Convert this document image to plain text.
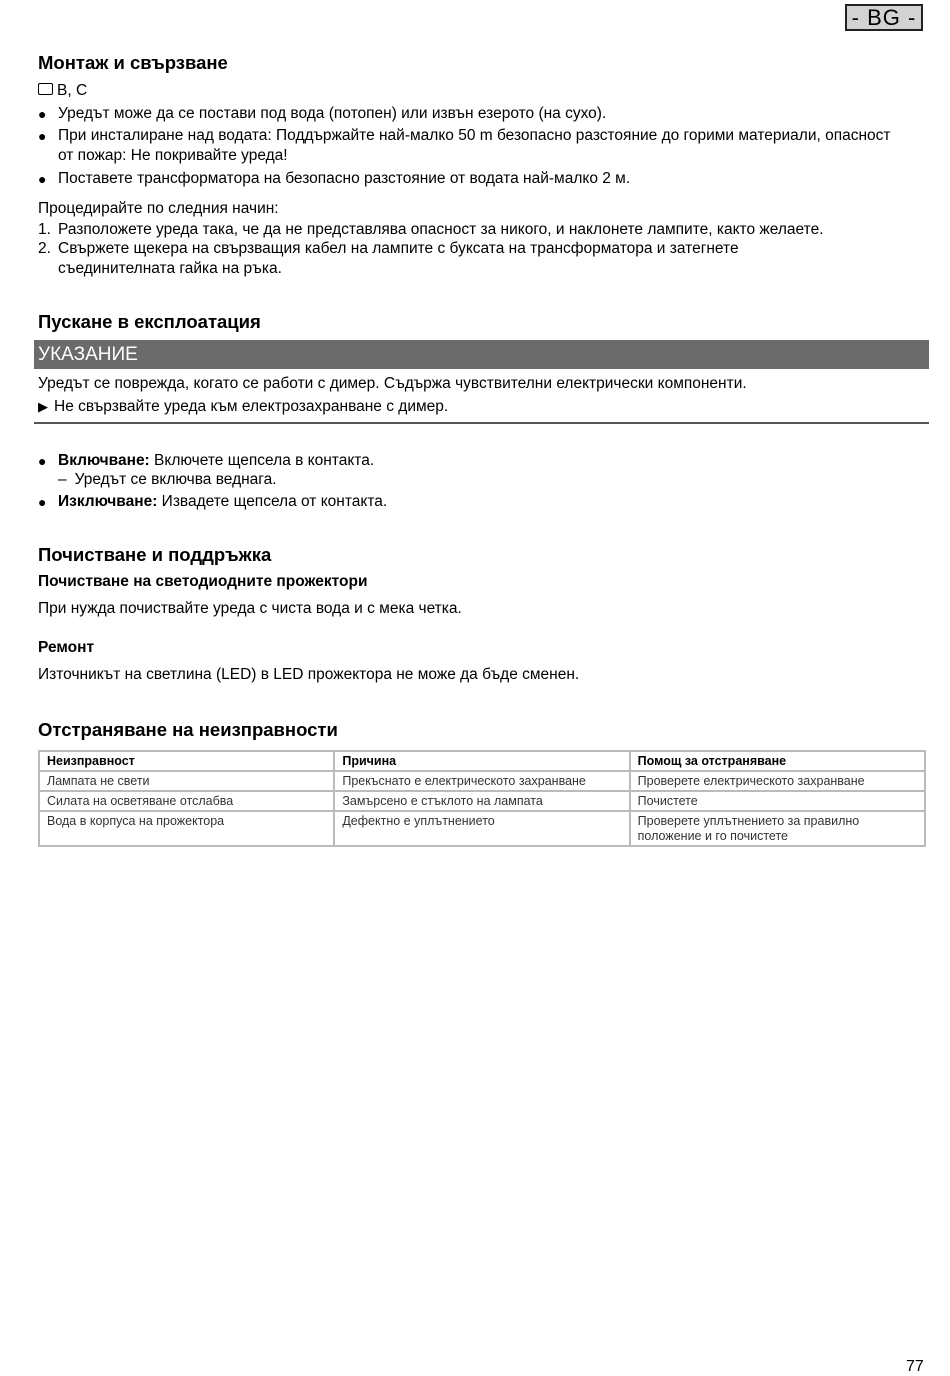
- BG -
Монтаж и свързване
B, C
● Уредът може да се постави под вода (потопен) или извън езерото (на сухо).
● При инсталиране над водата: Поддържайте най-малко 50 m безопасно разстояние до горими материали, опасност от пожар: Не покривайте уреда!
● Поставете трансформатора на безопасно разстояние от водата най-малко 2 м.
Процедирайте по следния начин:
1. Разположете уреда така, че да не представлява опасност за никого, и наклонете лампите, както желаете.
2. Свържете щекера на свързващия кабел на лампите с буксата на трансформатора и затегнете съединителната гайка на ръка.
Пускане в експлоатация
УКАЗАНИЕ
Уредът се поврежда, когато се работи с димер. Съдържа чувствителни електрически компоненти.
▶ Не свързвайте уреда към електрозахранване с димер.
● Включване: Включете щепсела в контакта.
– Уредът се включва веднага.
● Изключване: Извадете щепсела от контакта.
Почистване и поддръжка
Почистване на светодиодните прожектори
При нужда почиствайте уреда с чиста вода и с мека четка.
Ремонт
Източникът на светлина (LED) в LED прожектора не може да бъде сменен.
Отстраняване на неизправности
Неизправност	Причина	Помощ за отстраняване
Лампата не свети	Прекъснато е електрическото захранване	Проверете електрическото захранване
Силата на осветяване отслабва	Замърсено е стъклото на лампата	Почистете
Вода в корпуса на прожектора	Дефектно е уплътнението	Проверете уплътнението за правилно положение и го почистете
77
